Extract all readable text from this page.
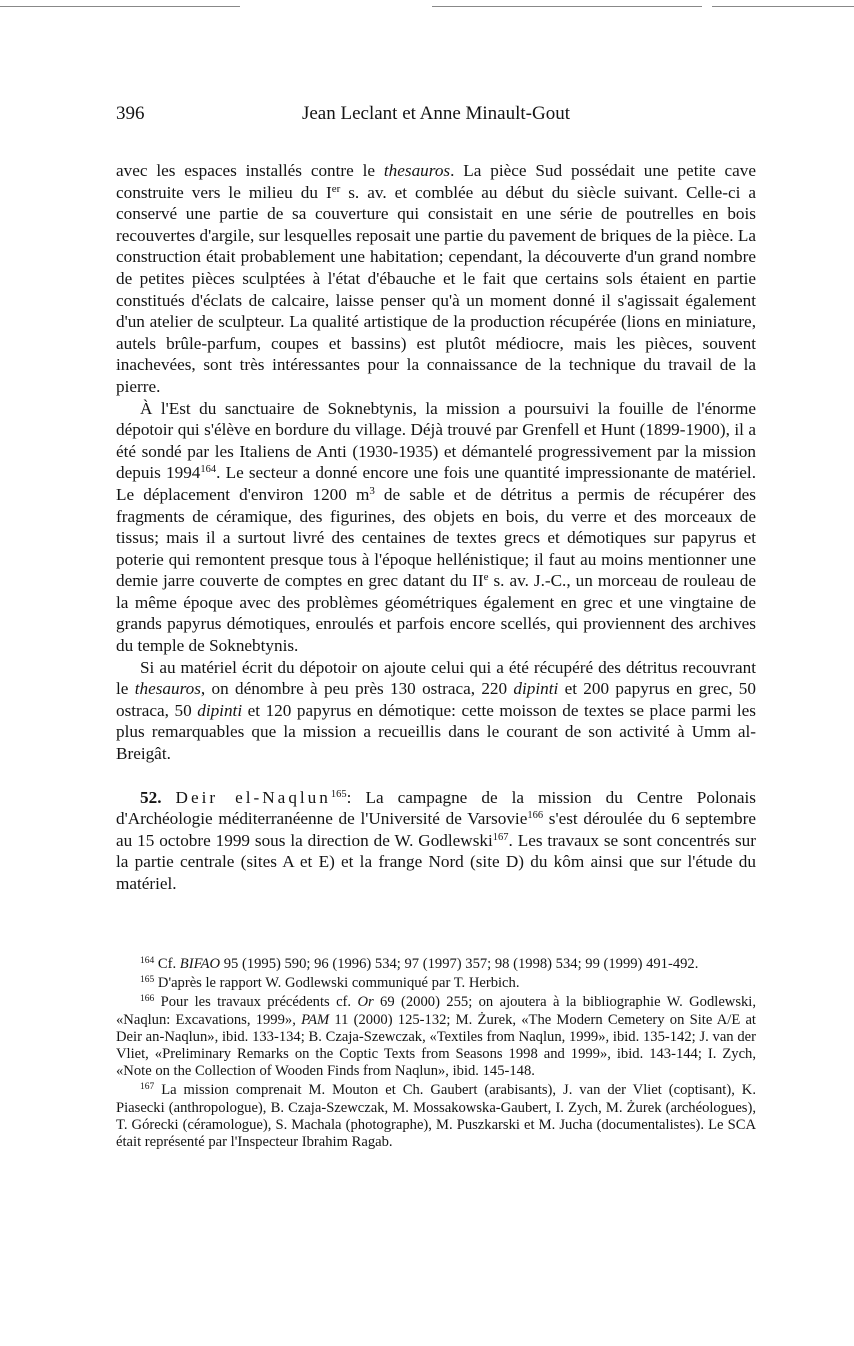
396	Jean Leclant et Anne Minault-Gout

avec les espaces installés contre le thesauros. La pièce Sud possédait une petite cave construite vers le milieu du Ier s. av. et comblée au début du siècle suivant. Celle-ci a conservé une partie de sa couverture qui consistait en une série de poutrelles en bois recouvertes d'argile, sur lesquelles reposait une partie du pavement de briques de la pièce. La construction était probablement une habitation; cependant, la découverte d'un grand nombre de petites pièces sculptées à l'état d'ébauche et le fait que certains sols étaient en partie constitués d'éclats de calcaire, laisse penser qu'à un moment donné il s'agissait également d'un atelier de sculpteur. La qualité artistique de la production récupérée (lions en miniature, autels brûle-parfum, coupes et bassins) est plutôt médiocre, mais les pièces, souvent inachevées, sont très intéressantes pour la connaissance de la technique du travail de la pierre.

À l'Est du sanctuaire de Soknebtynis, la mission a poursuivi la fouille de l'énorme dépotoir qui s'élève en bordure du village. Déjà trouvé par Grenfell et Hunt (1899-1900), il a été sondé par les Italiens de Anti (1930-1935) et démantelé progressivement par la mission depuis 1994$^{164}$. Le secteur a donné encore une fois une quantité impressionante de matériel. Le déplacement d'environ 1200 $m^3$ de sable et de détritus a permis de récupérer des fragments de céramique, des figurines, des objets en bois, du verre et des morceaux de tissus; mais il a surtout livré des centaines de textes grecs et démotiques sur papyrus et poterie qui remontent presque tous à l'époque hellénistique; il faut au moins mentionner une demie jarre couverte de comptes en grec datant du IIe s. av. J.-C., un morceau de rouleau de la même époque avec des problèmes géométriques également en grec et une vingtaine de grands papyrus démotiques, enroulés et parfois encore scellés, qui proviennent des archives du temple de Soknebtynis.

Si au matériel écrit du dépotoir on ajoute celui qui a été récupéré des détritus recouvrant le thesauros, on dénombre à peu près 130 ostraca, 220 dipinti et 200 papyrus en grec, 50 ostraca, 50 dipinti et 120 papyrus en démotique: cette moisson de textes se place parmi les plus remarquables que la mission a recueillis dans le courant de son activité à Umm al-Breigât.

52. Deir el-Naqlun$^{165}$: La campagne de la mission du Centre Polonais d'Archéologie méditerranéenne de l'Université de Varsovie$^{166}$ s'est déroulée du 6 septembre au 15 octobre 1999 sous la direction de W. Godlewski$^{167}$. Les travaux se sont concentrés sur la partie centrale (sites A et E) et la frange Nord (site D) du kôm ainsi que sur l'étude du matériel.

$^{164}$ Cf. BIFAO 95 (1995) 590; 96 (1996) 534; 97 (1997) 357; 98 (1998) 534; 99 (1999) 491-492.

$^{165}$ D'après le rapport W. Godlewski communiqué par T. Herbich.

$^{166}$ Pour les travaux précédents cf. Or 69 (2000) 255; on ajoutera à la bibliographie W. Godlewski, «Naqlun: Excavations, 1999», PAM 11 (2000) 125-132; M. Żurek, «The Modern Cemetery on Site A/E at Deir an-Naqlun», ibid. 133-134; B. Czaja-Szewczak, «Textiles from Naqlun, 1999», ibid. 135-142; J. van der Vliet, «Preliminary Remarks on the Coptic Texts from Seasons 1998 and 1999», ibid. 143-144; I. Zych, «Note on the Collection of Wooden Finds from Naqlun», ibid. 145-148.

$^{167}$ La mission comprenait M. Mouton et Ch. Gaubert (arabisants), J. van der Vliet (coptisant), K. Piasecki (anthropologue), B. Czaja-Szewczak, M. Mossakowska-Gaubert, I. Zych, M. Żurek (archéologues), T. Górecki (céramologue), S. Machala (photographe), M. Puszkarski et M. Jucha (documentalistes). Le SCA était représenté par l'Inspecteur Ibrahim Ragab.
